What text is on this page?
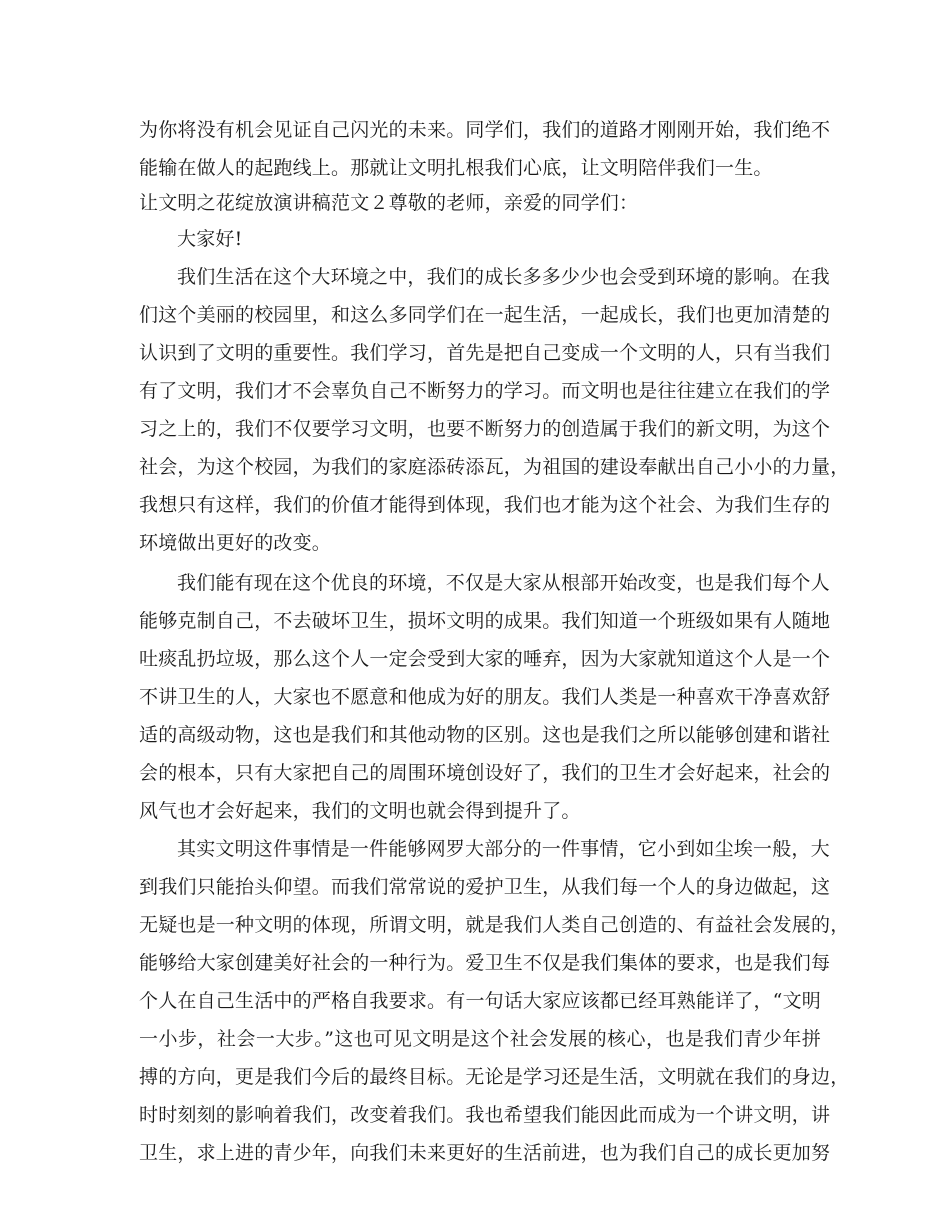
为你将没有机会见证自己闪光的未来。同学们，我们的道路才刚刚开始，我们绝不
能输在做人的起跑线上。那就让文明扎根我们心底，让文明陪伴我们一生。
让文明之花绽放演讲稿范文２尊敬的老师，亲爱的同学们：
大家好!
我们生活在这个大环境之中，我们的成长多多少少也会受到环境的影响。在我
们这个美丽的校园里，和这么多同学们在一起生活，一起成长，我们也更加清楚的
认识到了文明的重要性。我们学习，首先是把自己变成一个文明的人，只有当我们
有了文明，我们才不会辜负自己不断努力的学习。而文明也是往往建立在我们的学
习之上的，我们不仅要学习文明，也要不断努力的创造属于我们的新文明，为这个
社会，为这个校园，为我们的家庭添砖添瓦，为祖国的建设奉献出自己小小的力量，
我想只有这样，我们的价值才能得到体现，我们也才能为这个社会、为我们生存的
环境做出更好的改变。
我们能有现在这个优良的环境，不仅是大家从根部开始改变，也是我们每个人
能够克制自己，不去破坏卫生，损坏文明的成果。我们知道一个班级如果有人随地
吐痰乱扔垃圾，那么这个人一定会受到大家的唾弃，因为大家就知道这个人是一个
不讲卫生的人，大家也不愿意和他成为好的朋友。我们人类是一种喜欢干净喜欢舒
适的高级动物，这也是我们和其他动物的区别。这也是我们之所以能够创建和谐社
会的根本，只有大家把自己的周围环境创设好了，我们的卫生才会好起来，社会的
风气也才会好起来，我们的文明也就会得到提升了。
其实文明这件事情是一件能够网罗大部分的一件事情，它小到如尘埃一般，大
到我们只能抬头仰望。而我们常常说的爱护卫生，从我们每一个人的身边做起，这
无疑也是一种文明的体现，所谓文明，就是我们人类自己创造的、有益社会发展的，
能够给大家创建美好社会的一种行为。爱卫生不仅是我们集体的要求，也是我们每
个人在自己生活中的严格自我要求。有一句话大家应该都已经耳熟能详了，“文明
一小步，社会一大步。”这也可见文明是这个社会发展的核心，也是我们青少年拼
搏的方向，更是我们今后的最终目标。无论是学习还是生活，文明就在我们的身边，
时时刻刻的影响着我们，改变着我们。我也希望我们能因此而成为一个讲文明，讲
卫生，求上进的青少年，向我们未来更好的生活前进，也为我们自己的成长更加努
